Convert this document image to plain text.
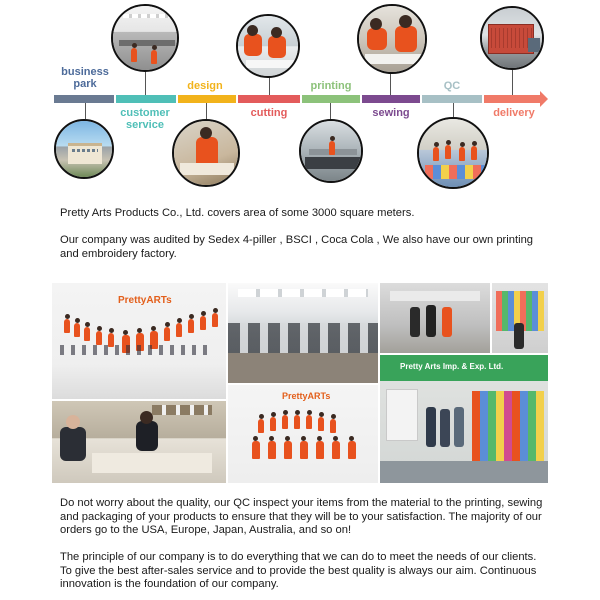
business park
customer service
design
cutting
printing
sewing
QC
delivery
Pretty Arts Products Co., Ltd. covers area of some 3000 square meters.
Our company was audited by Sedex 4-piller , BSCI , Coca Cola , We also have our own printing and embroidery factory.
PrettyARTs
PrettyARTs
Pretty Arts Imp. & Exp. Ltd.
Do not worry about the quality, our QC inspect your items from the material to the printing, sewing and packaging of your products to ensure that they will be to your satisfaction. The majority of our orders go to the USA, Europe, Japan, Australia, and so on!
The principle of our company is to do everything that we can do to meet the needs of our clients. To give the best after-sales service and to provide the best quality is always our aim. Continuous innovation is the foundation of our company.
